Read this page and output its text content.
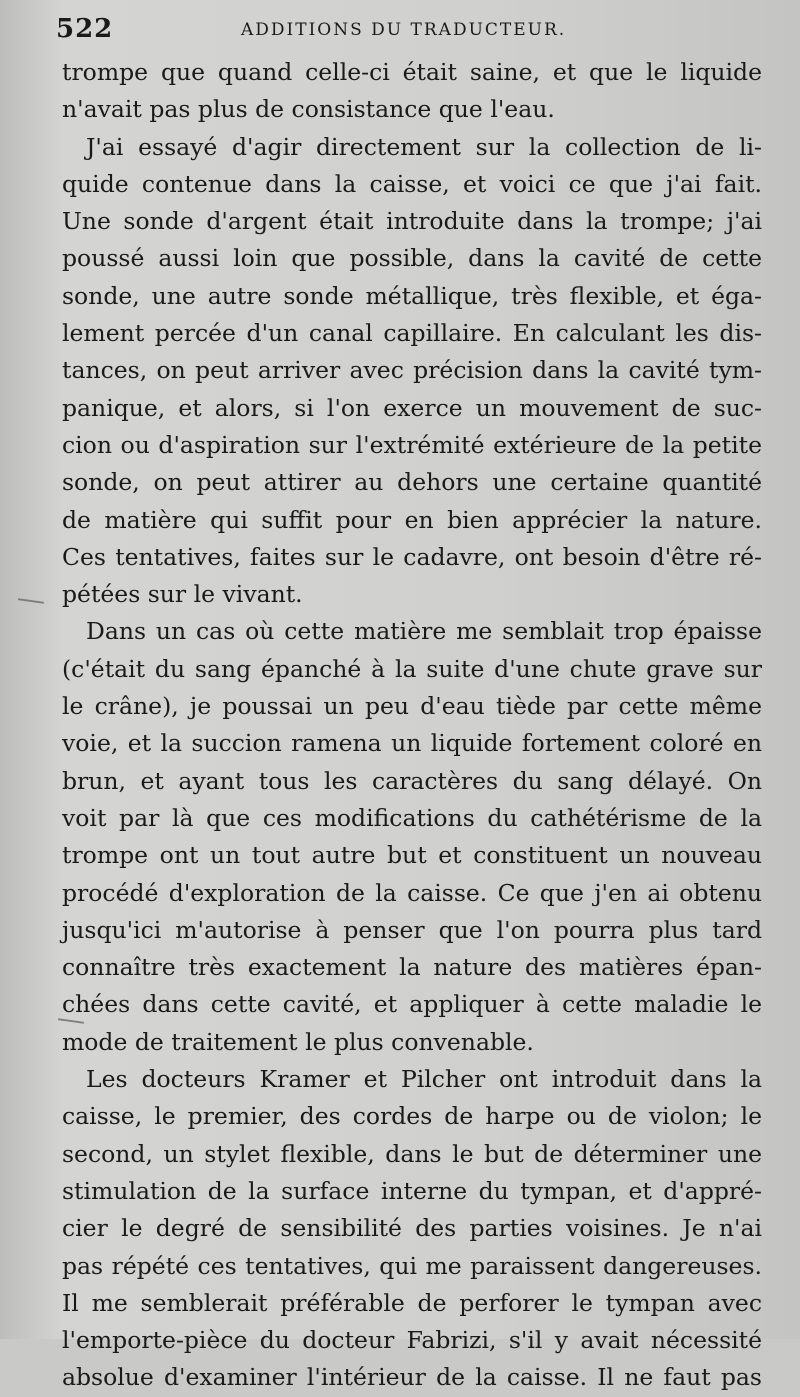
522	ADDITIONS DU TRADUCTEUR.
trompe que quand celle-ci était saine, et que le liquide
n'avait pas plus de consistance que l'eau.
J'ai essayé d'agir directement sur la collection de li-
quide contenue dans la caisse, et voici ce que j'ai fait.
Une sonde d'argent était introduite dans la trompe; j'ai
poussé aussi loin que possible, dans la cavité de cette
sonde, une autre sonde métallique, très flexible, et éga-
lement percée d'un canal capillaire. En calculant les dis-
tances, on peut arriver avec précision dans la cavité tym-
panique, et alors, si l'on exerce un mouvement de suc-
cion ou d'aspiration sur l'extrémité extérieure de la petite
sonde, on peut attirer au dehors une certaine quantité
de matière qui suffit pour en bien apprécier la nature.
Ces tentatives, faites sur le cadavre, ont besoin d'être ré-
pétées sur le vivant.
Dans un cas où cette matière me semblait trop épaisse
(c'était du sang épanché à la suite d'une chute grave sur
le crâne), je poussai un peu d'eau tiède par cette même
voie, et la succion ramena un liquide fortement coloré en
brun, et ayant tous les caractères du sang délayé. On
voit par là que ces modifications du cathétérisme de la
trompe ont un tout autre but et constituent un nouveau
procédé d'exploration de la caisse. Ce que j'en ai obtenu
jusqu'ici m'autorise à penser que l'on pourra plus tard
connaître très exactement la nature des matières épan-
chées dans cette cavité, et appliquer à cette maladie le
mode de traitement le plus convenable.
Les docteurs Kramer et Pilcher ont introduit dans la
caisse, le premier, des cordes de harpe ou de violon; le
second, un stylet flexible, dans le but de déterminer une
stimulation de la surface interne du tympan, et d'appré-
cier le degré de sensibilité des parties voisines. Je n'ai
pas répété ces tentatives, qui me paraissent dangereuses.
Il me semblerait préférable de perforer le tympan avec
l'emporte-pièce du docteur Fabrizi, s'il y avait nécessité
absolue d'examiner l'intérieur de la caisse. Il ne faut pas
